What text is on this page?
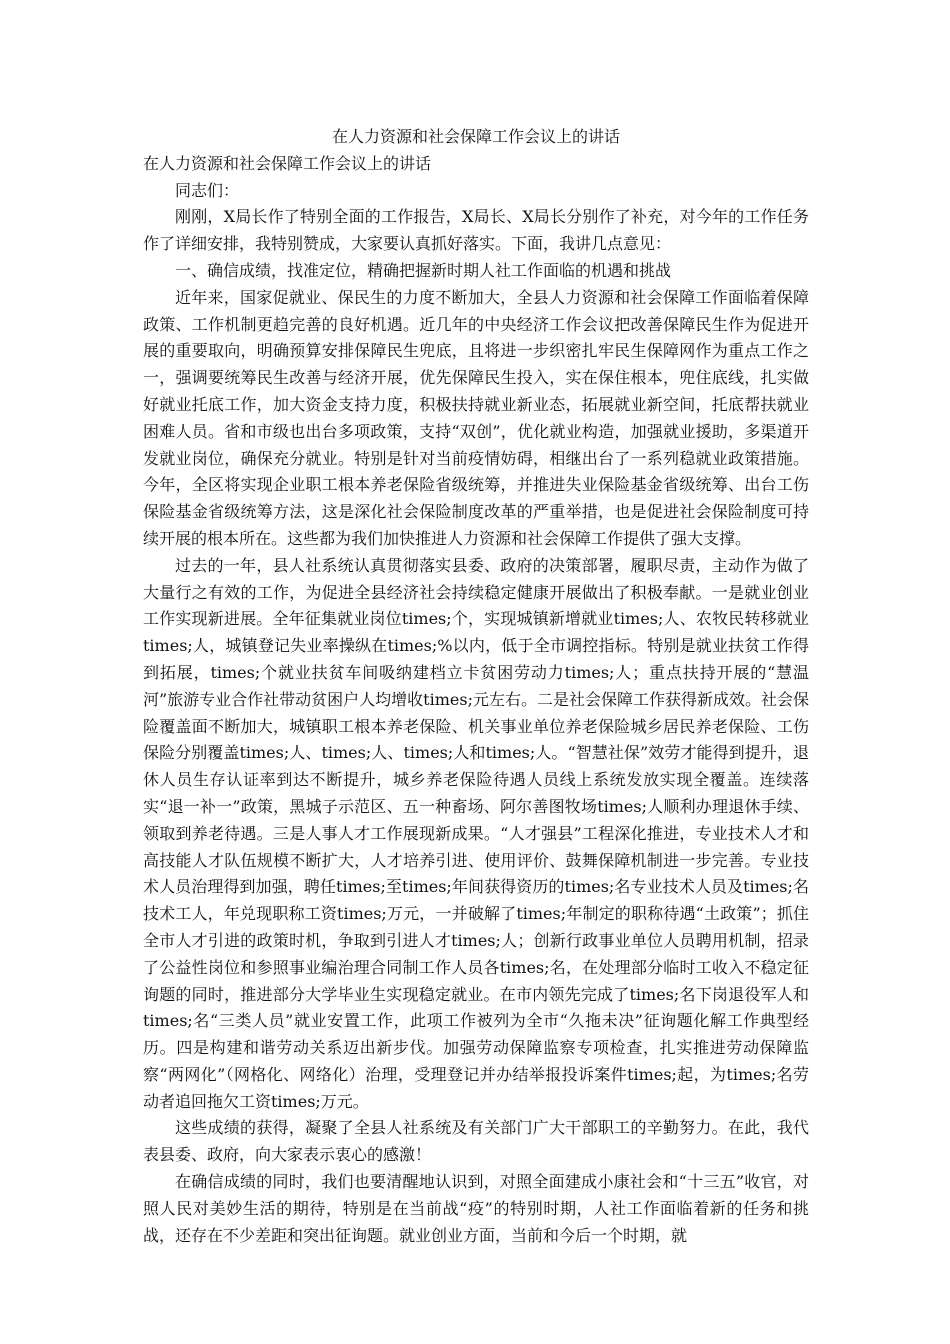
在人力资源和社会保障工作会议上的讲话

在人力资源和社会保障工作会议上的讲话

同志们：

刚刚，X局长作了特别全面的工作报告，X局长、X局长分别作了补充，对今年的工作任务作了详细安排，我特别赞成，大家要认真抓好落实。下面，我讲几点意见：

一、确信成绩，找准定位，精确把握新时期人社工作面临的机遇和挑战

近年来，国家促就业、保民生的力度不断加大，全县人力资源和社会保障工作面临着保障政策、工作机制更趋完善的良好机遇。近几年的中央经济工作会议把改善保障民生作为促进开展的重要取向，明确预算安排保障民生兜底，且将进一步织密扎牢民生保障网作为重点工作之一，强调要统筹民生改善与经济开展，优先保障民生投入，实在保住根本，兜住底线，扎实做好就业托底工作，加大资金支持力度，积极扶持就业新业态，拓展就业新空间，托底帮扶就业困难人员。省和市级也出台多项政策，支持“双创”，优化就业构造，加强就业援助，多渠道开发就业岗位，确保充分就业。特别是针对当前疫情妨碍，相继出台了一系列稳就业政策措施。今年，全区将实现企业职工根本养老保险省级统筹，并推进失业保险基金省级统筹、出台工伤保险基金省级统筹方法，这是深化社会保险制度改革的严重举措，也是促进社会保险制度可持续开展的根本所在。这些都为我们加快推进人力资源和社会保障工作提供了强大支撑。

过去的一年，县人社系统认真贯彻落实县委、政府的决策部署，履职尽责，主动作为做了大量行之有效的工作，为促进全县经济社会持续稳定健康开展做出了积极奉献。一是就业创业工作实现新进展。全年征集就业岗位times;个，实现城镇新增就业times;人、农牧民转移就业times;人，城镇登记失业率操纵在times;%以内，低于全市调控指标。特别是就业扶贫工作得到拓展，times;个就业扶贫车间吸纳建档立卡贫困劳动力times;人；重点扶持开展的“慧温河”旅游专业合作社带动贫困户人均增收times;元左右。二是社会保障工作获得新成效。社会保险覆盖面不断加大，城镇职工根本养老保险、机关事业单位养老保险城乡居民养老保险、工伤保险分别覆盖times;人、times;人、times;人和times;人。“智慧社保”效劳才能得到提升，退休人员生存认证率到达不断提升，城乡养老保险待遇人员线上系统发放实现全覆盖。连续落实“退一补一”政策，黑城子示范区、五一种畜场、阿尔善图牧场times;人顺利办理退休手续、领取到养老待遇。三是人事人才工作展现新成果。“人才强县”工程深化推进，专业技术人才和高技能人才队伍规模不断扩大，人才培养引进、使用评价、鼓舞保障机制进一步完善。专业技术人员治理得到加强，聘任times;至times;年间获得资历的times;名专业技术人员及times;名技术工人，年兑现职称工资times;万元，一并破解了times;年制定的职称待遇“土政策”；抓住全市人才引进的政策时机，争取到引进人才times;人；创新行政事业单位人员聘用机制，招录了公益性岗位和参照事业编治理合同制工作人员各times;名，在处理部分临时工收入不稳定征询题的同时，推进部分大学毕业生实现稳定就业。在市内领先完成了times;名下岗退役军人和times;名“三类人员”就业安置工作，此项工作被列为全市“久拖未决”征询题化解工作典型经历。四是构建和谐劳动关系迈出新步伐。加强劳动保障监察专项检查，扎实推进劳动保障监察“两网化”（网格化、网络化）治理，受理登记并办结举报投诉案件times;起，为times;名劳动者追回拖欠工资times;万元。

这些成绩的获得，凝聚了全县人社系统及有关部门广大干部职工的辛勤努力。在此，我代表县委、政府，向大家表示衷心的感激！

在确信成绩的同时，我们也要清醒地认识到，对照全面建成小康社会和“十三五”收官，对照人民对美妙生活的期待，特别是在当前战“疫”的特别时期，人社工作面临着新的任务和挑战，还存在不少差距和突出征询题。就业创业方面，当前和今后一个时期，就
